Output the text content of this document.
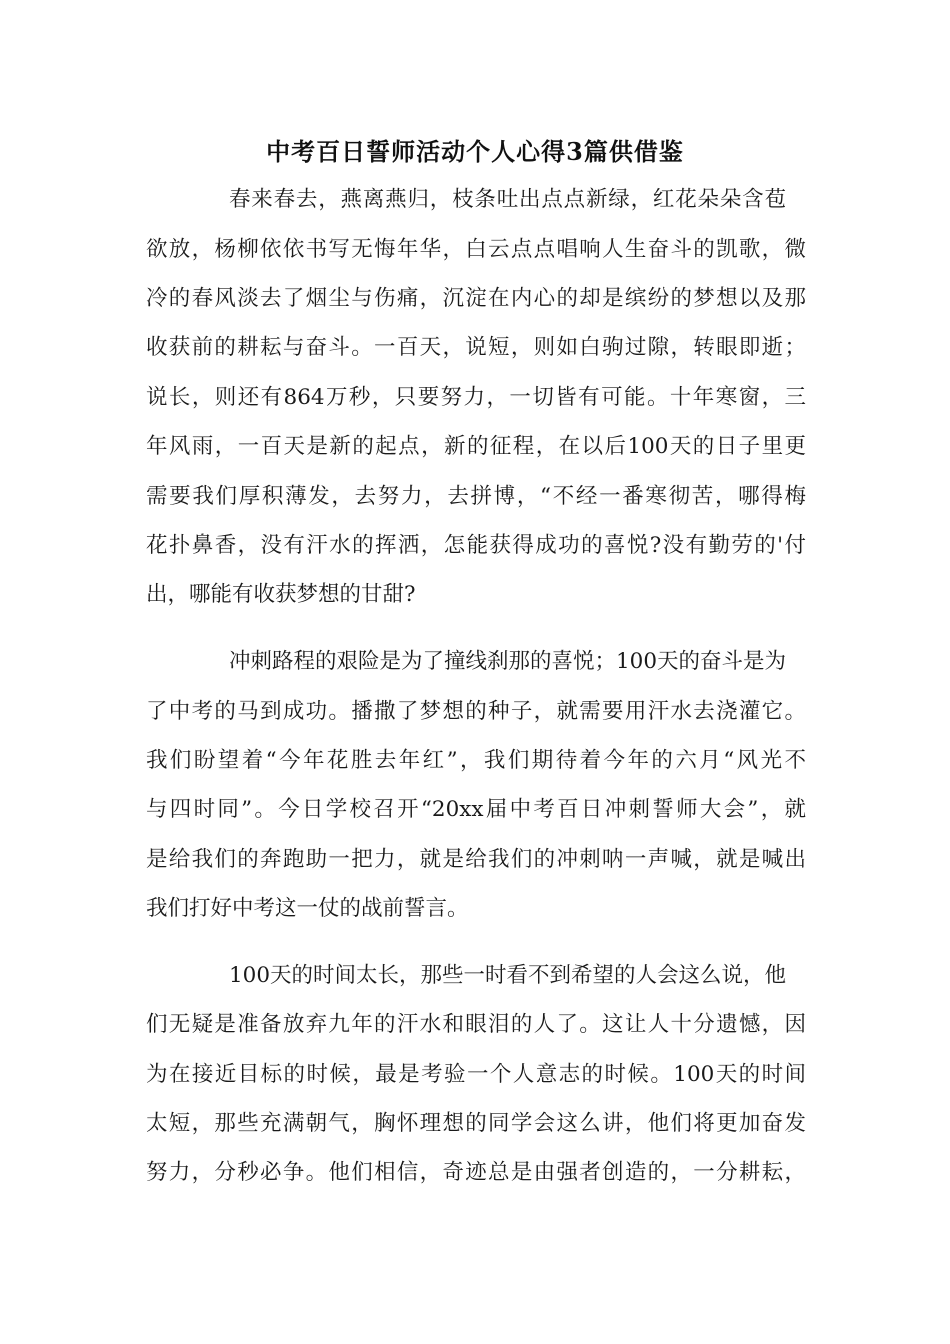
中考百日誓师活动个人心得3篇供借鉴
春来春去，燕离燕归，枝条吐出点点新绿，红花朵朵含苞
欲放，杨柳依依书写无悔年华，白云点点唱响人生奋斗的凯歌，微
冷的春风淡去了烟尘与伤痛，沉淀在内心的却是缤纷的梦想以及那
收获前的耕耘与奋斗。一百天，说短，则如白驹过隙，转眼即逝；
说长，则还有864万秒，只要努力，一切皆有可能。十年寒窗，三
年风雨，一百天是新的起点，新的征程，在以后100天的日子里更
需要我们厚积薄发，去努力，去拼博，“不经一番寒彻苦，哪得梅
花扑鼻香，没有汗水的挥洒，怎能获得成功的喜悦?没有勤劳的'付
出，哪能有收获梦想的甘甜?
冲刺路程的艰险是为了撞线刹那的喜悦；100天的奋斗是为
了中考的马到成功。播撒了梦想的种子，就需要用汗水去浇灌它。
我们盼望着“今年花胜去年红”，我们期待着今年的六月“风光不
与四时同”。今日学校召开“20xx届中考百日冲刺誓师大会”，就
是给我们的奔跑助一把力，就是给我们的冲刺呐一声喊，就是喊出
我们打好中考这一仗的战前誓言。
100天的时间太长，那些一时看不到希望的人会这么说，他
们无疑是准备放弃九年的汗水和眼泪的人了。这让人十分遗憾，因
为在接近目标的时候，最是考验一个人意志的时候。100天的时间
太短，那些充满朝气，胸怀理想的同学会这么讲，他们将更加奋发
努力，分秒必争。他们相信，奇迹总是由强者创造的，一分耕耘，
